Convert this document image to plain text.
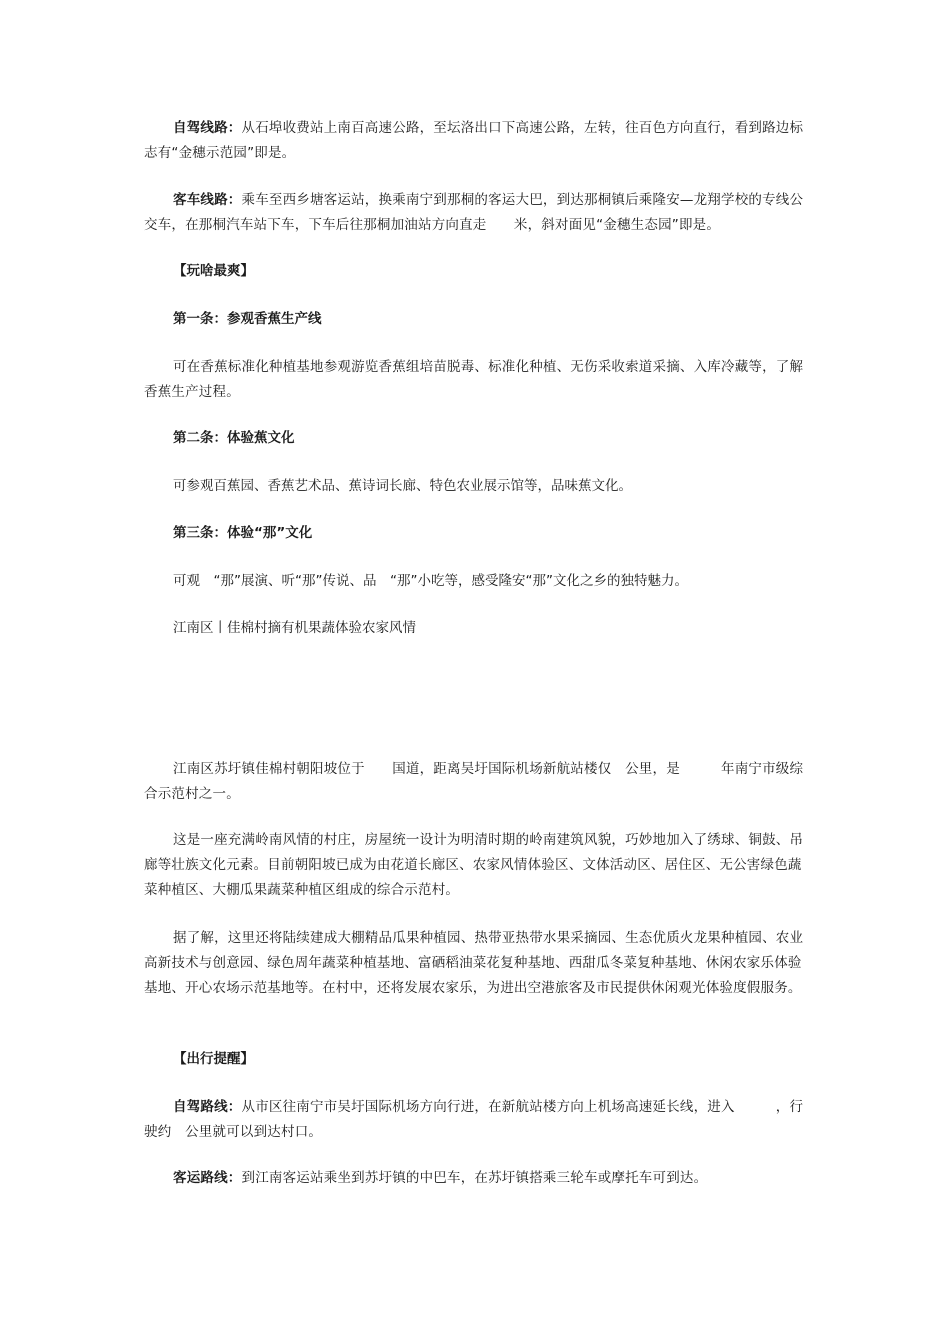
自驾线路：从石埠收费站上南百高速公路，至坛洛出口下高速公路，左转，往百色方向直行，看到路边标志有“金穗示范园”即是。

客车线路：乘车至西乡塘客运站，换乘南宁到那桐的客运大巴，到达那桐镇后乘隆安—龙翔学校的专线公交车，在那桐汽车站下车，下车后往那桐加油站方向直走　　米，斜对面见“金穗生态园”即是。

【玩啥最爽】

第一条：参观香蕉生产线

可在香蕉标准化种植基地参观游览香蕉组培苗脱毒、标准化种植、无伤采收索道采摘、入库冷藏等，了解香蕉生产过程。

第二条：体验蕉文化

可参观百蕉园、香蕉艺术品、蕉诗词长廊、特色农业展示馆等，品味蕉文化。

第三条：体验“那”文化

可观　“那”展演、听“那”传说、品　“那”小吃等，感受隆安“那”文化之乡的独特魅力。

江南区丨佳棉村摘有机果蔬体验农家风情

江南区苏圩镇佳棉村朝阳坡位于　　国道，距离吴圩国际机场新航站楼仅　公里，是　　　年南宁市级综合示范村之一。

这是一座充满岭南风情的村庄，房屋统一设计为明清时期的岭南建筑风貌，巧妙地加入了绣球、铜鼓、吊廊等壮族文化元素。目前朝阳坡已成为由花道长廊区、农家风情体验区、文体活动区、居住区、无公害绿色蔬菜种植区、大棚瓜果蔬菜种植区组成的综合示范村。

据了解，这里还将陆续建成大棚精品瓜果种植园、热带亚热带水果采摘园、生态优质火龙果种植园、农业高新技术与创意园、绿色周年蔬菜种植基地、富硒稻油菜花复种基地、西甜瓜冬菜复种基地、休闲农家乐体验基地、开心农场示范基地等。在村中，还将发展农家乐，为进出空港旅客及市民提供休闲观光体验度假服务。

【出行提醒】

自驾路线：从市区往南宁市吴圩国际机场方向行进，在新航站楼方向上机场高速延长线，进入　　　，行驶约　公里就可以到达村口。

客运路线：到江南客运站乘坐到苏圩镇的中巴车，在苏圩镇搭乘三轮车或摩托车可到达。
